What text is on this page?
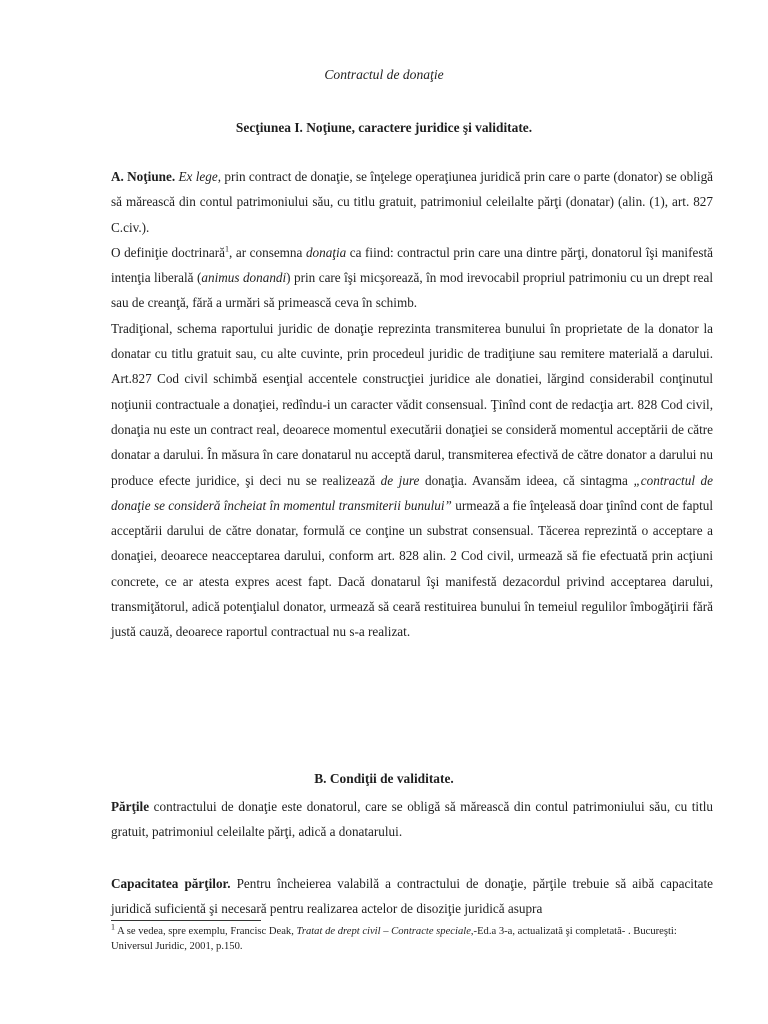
Contractul de donaţie
Secţiunea I. Noţiune, caractere juridice şi validitate.

A. Noţiune. Ex lege, prin contract de donaţie, se înţelege operaţiunea juridică prin care o parte (donator) se obligă să mărească din contul patrimoniului său, cu titlu gratuit, patrimoniul celeilalte părţi (donatar) (alin. (1), art. 827 C.civ.).

O definiţie doctrinară$^1$, ar consemna donaţia ca fiind: contractul prin care una dintre părţi, donatorul îşi manifestă intenţia liberală (animus donandi) prin care îşi micşorează, în mod irevocabil propriul patrimoniu cu un drept real sau de creanţă, fără a urmări să primească ceva în schimb.

Tradiţional, schema raportului juridic de donaţie reprezinta transmiterea bunului în proprietate de la donator la donatar cu titlu gratuit sau, cu alte cuvinte, prin procedeul juridic de tradiţiune sau remitere materială a darului. Art.827 Cod civil schimbă esenţial accentele construcţiei juridice ale donatiei, lărgind considerabil conţinutul noţiunii contractuale a donaţiei, redîndu-i un caracter vădit consensual. Ţinînd cont de redacţia art. 828 Cod civil, donaţia nu este un contract real, deoarece momentul executării donaţiei se consideră momentul acceptării de către donatar a darului. În măsura în care donatarul nu acceptă darul, transmiterea efectivă de către donator a darului nu produce efecte juridice, şi deci nu se realizează de jure donaţia. Avansăm ideea, că sintagma „contractul de donaţie se consideră încheiat în momentul transmiterii bunului” urmează a fie înţeleasă doar ţinînd cont de faptul acceptării darului de către donatar, formulă ce conţine un substrat consensual. Tăcerea reprezintă o acceptare a donaţiei, deoarece neacceptarea darului, conform art. 828 alin. 2 Cod civil, urmează să fie efectuată prin acţiuni concrete, ce ar atesta expres acest fapt. Dacă donatarul îşi manifestă dezacordul privind acceptarea darului, transmiţătorul, adică potenţialul donator, urmează să ceară restituirea bunului în temeiul regulilor îmbogăţirii fără justă cauză, deoarece raportul contractual nu s-a realizat.

B. Condiţii de validitate.

Părţile contractului de donaţie este donatorul, care se obligă să mărească din contul patrimoniului său, cu titlu gratuit, patrimoniul celeilalte părţi, adică a donatarului.

Capacitatea părţilor. Pentru încheierea valabilă a contractului de donaţie, părţile trebuie să aibă capacitate juridică suficientă şi necesară pentru realizarea actelor de disoziţie juridică asupra

$^1$ A se vedea, spre exemplu, Francisc Deak, Tratat de drept civil – Contracte speciale,-Ed.a 3-a, actualizată şi completată- . Bucureşti: Universul Juridic, 2001, p.150.
